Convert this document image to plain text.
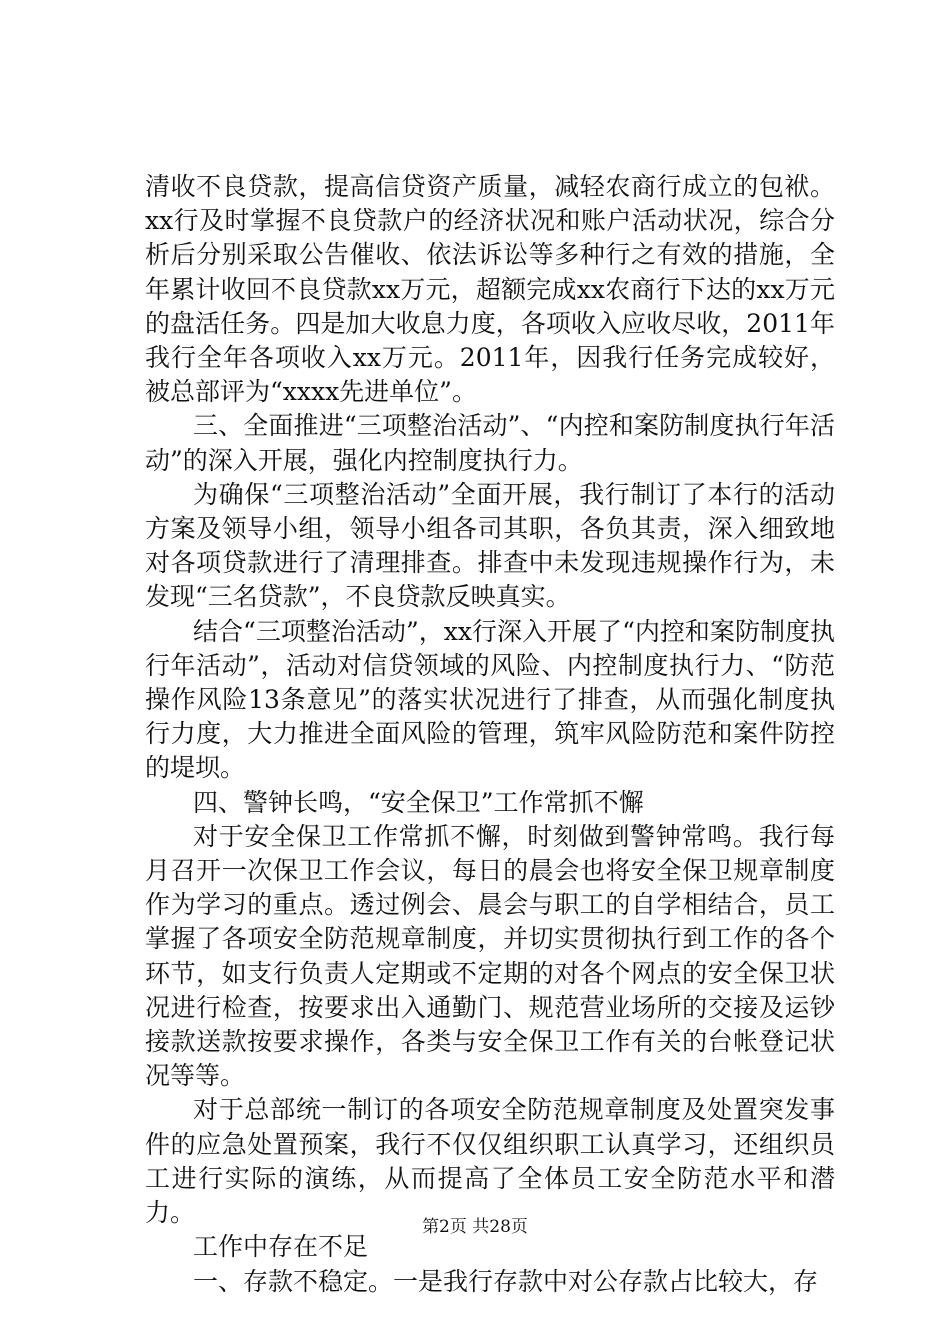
清收不良贷款，提高信贷资产质量，减轻农商行成立的包袱。xx行及时掌握不良贷款户的经济状况和账户活动状况，综合分析后分别采取公告催收、依法诉讼等多种行之有效的措施，全年累计收回不良贷款xx万元，超额完成xx农商行下达的xx万元的盘活任务。四是加大收息力度，各项收入应收尽收，2011年我行全年各项收入xx万元。2011年，因我行任务完成较好，被总部评为“xxxx先进单位”。

三、全面推进“三项整治活动”、“内控和案防制度执行年活动”的深入开展，强化内控制度执行力。

为确保“三项整治活动”全面开展，我行制订了本行的活动方案及领导小组，领导小组各司其职，各负其责，深入细致地对各项贷款进行了清理排查。排查中未发现违规操作行为，未发现“三名贷款”，不良贷款反映真实。

结合“三项整治活动”，xx行深入开展了“内控和案防制度执行年活动”，活动对信贷领域的风险、内控制度执行力、“防范操作风险13条意见”的落实状况进行了排查，从而强化制度执行力度，大力推进全面风险的管理，筑牢风险防范和案件防控的堤坝。

四、警钟长鸣，“安全保卫”工作常抓不懈

对于安全保卫工作常抓不懈，时刻做到警钟常鸣。我行每月召开一次保卫工作会议，每日的晨会也将安全保卫规章制度作为学习的重点。透过例会、晨会与职工的自学相结合，员工掌握了各项安全防范规章制度，并切实贯彻执行到工作的各个环节，如支行负责人定期或不定期的对各个网点的安全保卫状况进行检查，按要求出入通勤门、规范营业场所的交接及运钞接款送款按要求操作，各类与安全保卫工作有关的台帐登记状况等等。

对于总部统一制订的各项安全防范规章制度及处置突发事件的应急处置预案，我行不仅仅组织职工认真学习，还组织员工进行实际的演练，从而提高了全体员工安全防范水平和潜力。

工作中存在不足

一、存款不稳定。一是我行存款中对公存款占比较大，存

第2页 共28页
